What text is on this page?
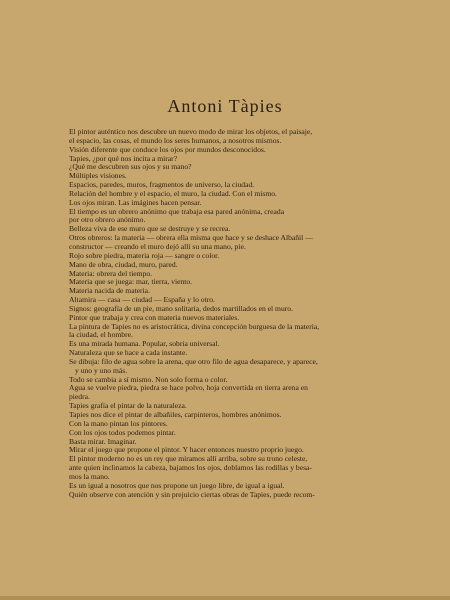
Antoni Tàpies
El pintor auténtico nos descubre un nuevo modo de mirar los objetos, el paisaje,
el espacio, las cosas, el mundo los seres humanos, a nosotros mismos.
Visión diferente que conduce los ojos por mundos desconocidos.
Tapies, ¿por qué nos incita a mirar?
¿Qué me descubren sus ojos y su mano?
Múltiples visiones.
Espacios, paredes, muros, fragmentos de universo, la ciudad.
Relación del hombre y el espacio, el muro, la ciudad. Con el mismo.
Los ojos miran. Las imágines hacen pensar.
El tiempo es un obrero anónimo que trabaja esa pared anónima, creada
por otro obrero anónimo.
Belleza viva de ese muro que se destruye y se recrea.
Otros obreros: la materia — obrera ella misma que hace y se deshace Albañil —
constructor — creando el muro dejó allí su una mano, pie.
Rojo sobre piedra, materia roja — sangre o color.
Mano de obra, ciudad, muro, pared.
Materia: obrera del tiempo.
Materia que se juega: mar, tierra, viento.
Materia nacida de materia.
Altamira — casa — ciudad — España y lo otro.
Signos: geografía de un pie, mano solitaria, dedos martillados en el muro.
Pintor que trabaja y crea con materia nuevos materiales.
La pintura de Tapies no es aristocrática, divina concepción burguesa de la materia,
la ciudad, el hombre.
Es una mirada humana. Popular, sobria universal.
Naturaleza que se hace a cada instante.
Se dibuja: filo de agua sobre la arena, que otro filo de agua desaparece, y aparece,
y uno y uno más.
Todo se cambia a sí mismo. Non solo forma o color.
Agua se vuelve piedra, piedra se hace polvo, hoja convertida en tierra arena en
piedra.
Tapies grafía el pintar de la naturaleza.
Tapies nos dice el pintar de albañiles, carpinteros, hombres anónimos.
Con la mano pintan los pintores.
Con los ojos todos podemos pintar.
Basta mirar. Imaginar.
Mirar el juego que propone el pintor. Y hacer entonces nuestro proprio juego.
El pintor moderno no es un rey que miramos allí arriba, sobre su trono celeste,
ante quien inclinamos la cabeza, bajamos los ojos, doblamos las rodillas y besa-
mos la mano.
Es un igual a nosotros que nos propone un juego libre, de igual a igual.
Quién observe con atención y sin prejuicio ciertas obras de Tapies, puede recom-
